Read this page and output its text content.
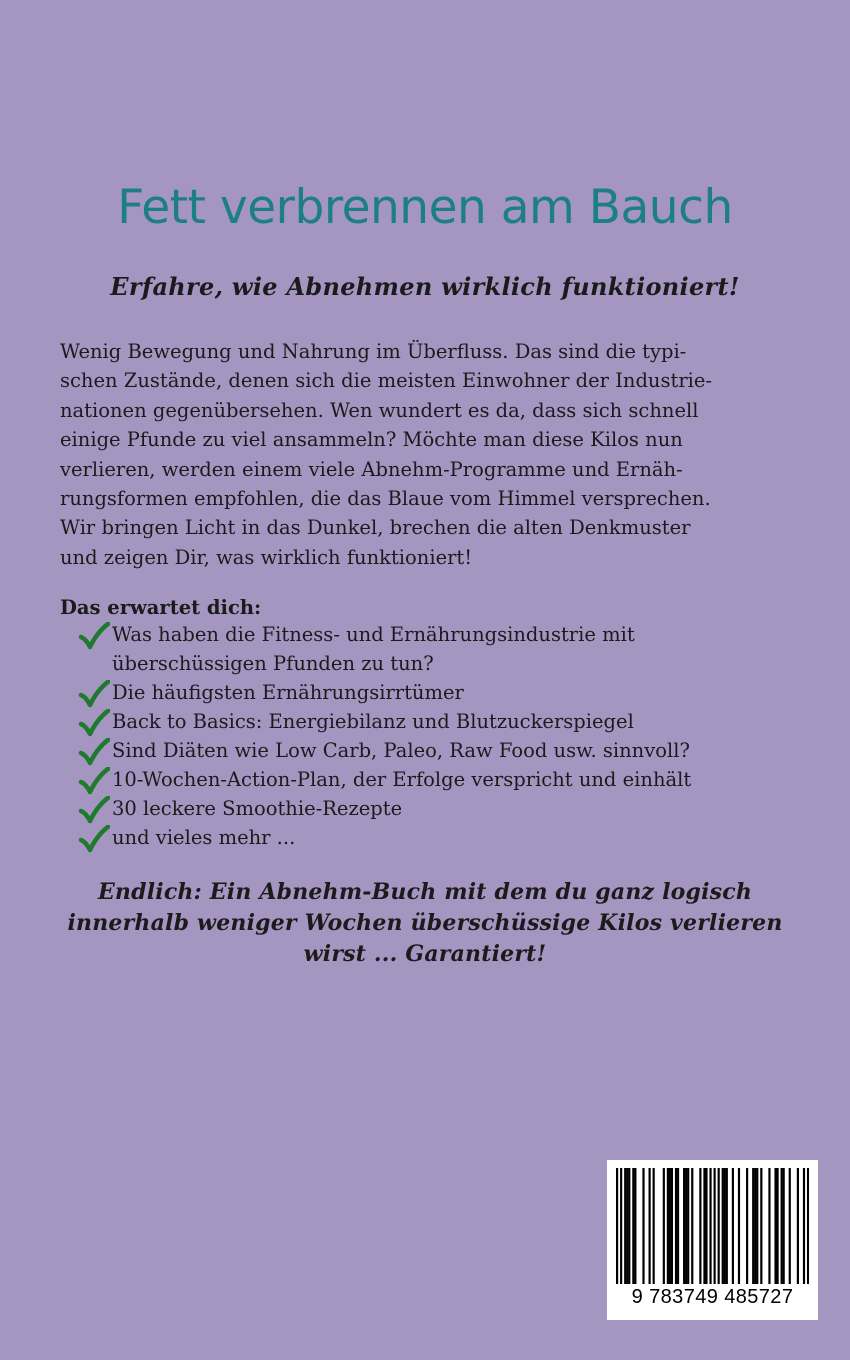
Fett verbrennen am Bauch
Erfahre, wie Abnehmen wirklich funktioniert!

Wenig Bewegung und Nahrung im Überfluss. Das sind die typi-
schen Zustände, denen sich die meisten Einwohner der Industrie-
nationen gegenübersehen. Wen wundert es da, dass sich schnell
einige Pfunde zu viel ansammeln? Möchte man diese Kilos nun
verlieren, werden einem viele Abnehm-Programme und Ernäh-
rungsformen empfohlen, die das Blaue vom Himmel versprechen.
Wir bringen Licht in das Dunkel, brechen die alten Denkmuster
und zeigen Dir, was wirklich funktioniert!

Das erwartet dich:
Was haben die Fitness- und Ernährungsindustrie mit
überschüssigen Pfunden zu tun?
Die häufigsten Ernährungsirrtümer
Back to Basics: Energiebilanz und Blutzuckerspiegel
Sind Diäten wie Low Carb, Paleo, Raw Food usw. sinnvoll?
10-Wochen-Action-Plan, der Erfolge verspricht und einhält
30 leckere Smoothie-Rezepte
und vieles mehr ...
Endlich: Ein Abnehm-Buch mit dem du ganz logisch
innerhalb weniger Wochen überschüssige Kilos verlieren
wirst ... Garantiert!
9 783749 485727
